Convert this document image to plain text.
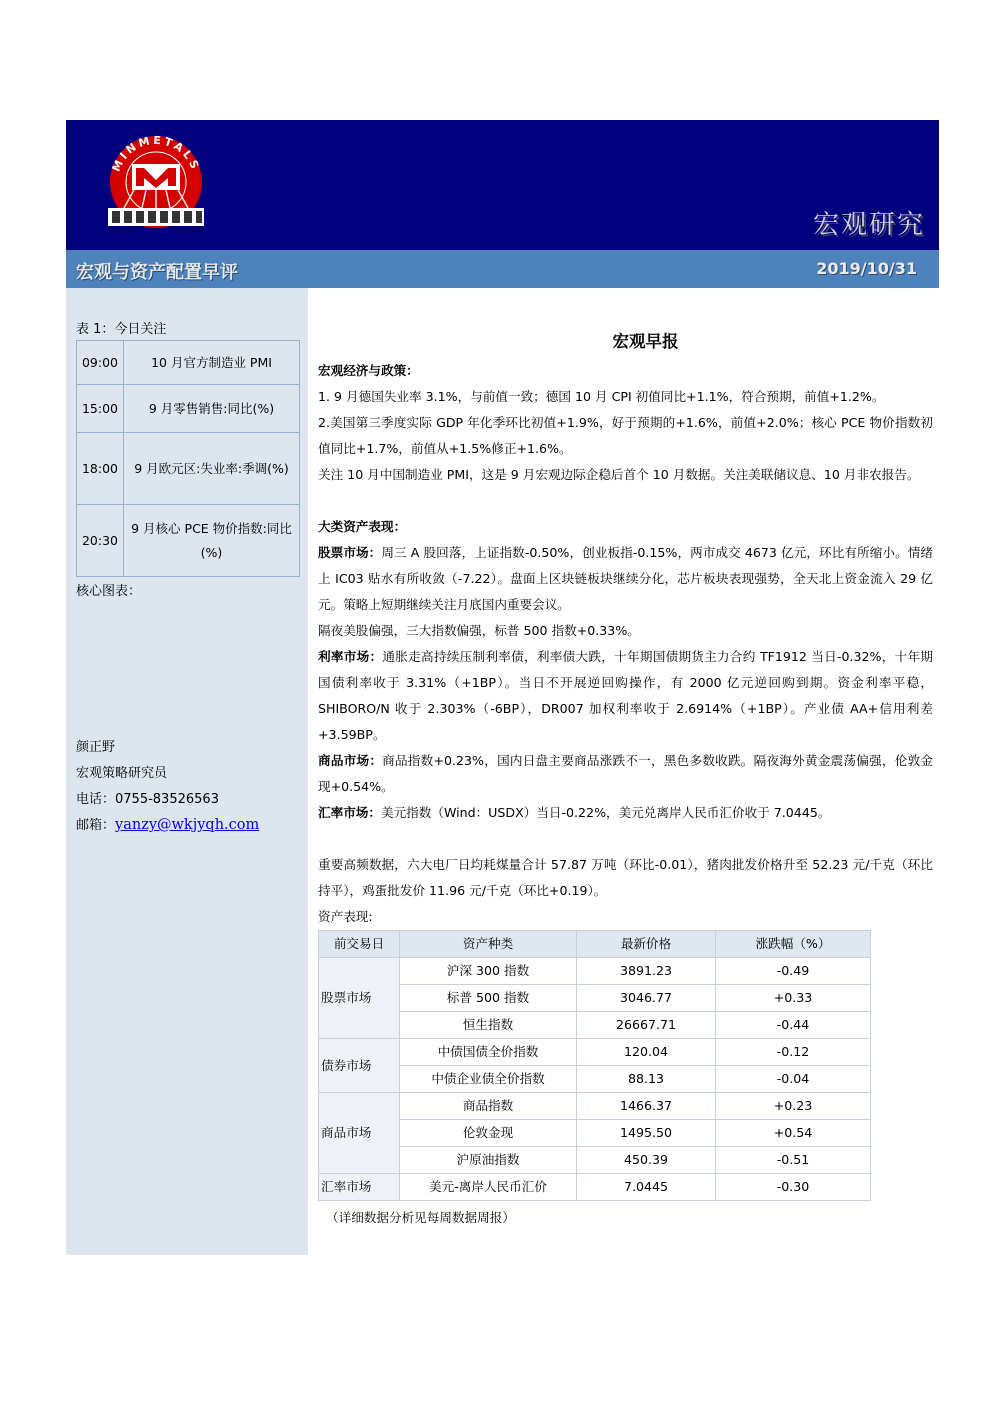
MINMETALS
宏观研究
宏观与资产配置早评	2019/10/31
表 1：今日关注
09:00	10 月官方制造业 PMI
15:00	9 月零售销售:同比(%)
18:00	9 月欧元区:失业率:季调(%)
20:30	9 月核心 PCE 物价指数:同比(%)
核心图表：
颜正野
宏观策略研究员
电话：0755-83526563
邮箱：yanzy@wkjyqh.com
宏观早报

宏观经济与政策：

1. 9 月德国失业率 3.1%，与前值一致；德国 10 月 CPI 初值同比+1.1%，符合预期，前值+1.2%。

2.美国第三季度实际 GDP 年化季环比初值+1.9%，好于预期的+1.6%，前值+2.0%；核心 PCE 物价指数初值同比+1.7%，前值从+1.5%修正+1.6%。

关注 10 月中国制造业 PMI，这是 9 月宏观边际企稳后首个 10 月数据。关注美联储议息、10 月非农报告。

大类资产表现：

股票市场：周三 A 股回落，上证指数-0.50%，创业板指-0.15%，两市成交 4673 亿元，环比有所缩小。情绪上 IC03 贴水有所收敛（-7.22）。盘面上区块链板块继续分化，芯片板块表现强势，全天北上资金流入 29 亿元。策略上短期继续关注月底国内重要会议。

隔夜美股偏强，三大指数偏强，标普 500 指数+0.33%。

利率市场：通胀走高持续压制利率债，利率债大跌，十年期国债期货主力合约 TF1912 当日-0.32%，十年期国债利率收于 3.31%（+1BP）。当日不开展逆回购操作，有 2000 亿元逆回购到期。资金利率平稳，SHIBORO/N 收于 2.303%（-6BP），DR007 加权利率收于 2.6914%（+1BP）。产业债 AA+信用利差+3.59BP。

商品市场：商品指数+0.23%，国内日盘主要商品涨跌不一，黑色多数收跌。隔夜海外黄金震荡偏强，伦敦金现+0.54%。

汇率市场：美元指数（Wind：USDX）当日-0.22%，美元兑离岸人民币汇价收于 7.0445。

重要高频数据，六大电厂日均耗煤量合计 57.87 万吨（环比-0.01），猪肉批发价格升至 52.23 元/千克（环比持平），鸡蛋批发价 11.96 元/千克（环比+0.19）。

资产表现:

前交易日	资产种类	最新价格	涨跌幅（%）
股票市场	沪深 300 指数	3891.23	-0.49
	标普 500 指数	3046.77	+0.33
	恒生指数	26667.71	-0.44
债券市场	中债国债全价指数	120.04	-0.12
	中债企业债全价指数	88.13	-0.04
商品市场	商品指数	1466.37	+0.23
	伦敦金现	1495.50	+0.54
	沪原油指数	450.39	-0.51
汇率市场	美元-离岸人民币汇价	7.0445	-0.30
（详细数据分析见每周数据周报）
